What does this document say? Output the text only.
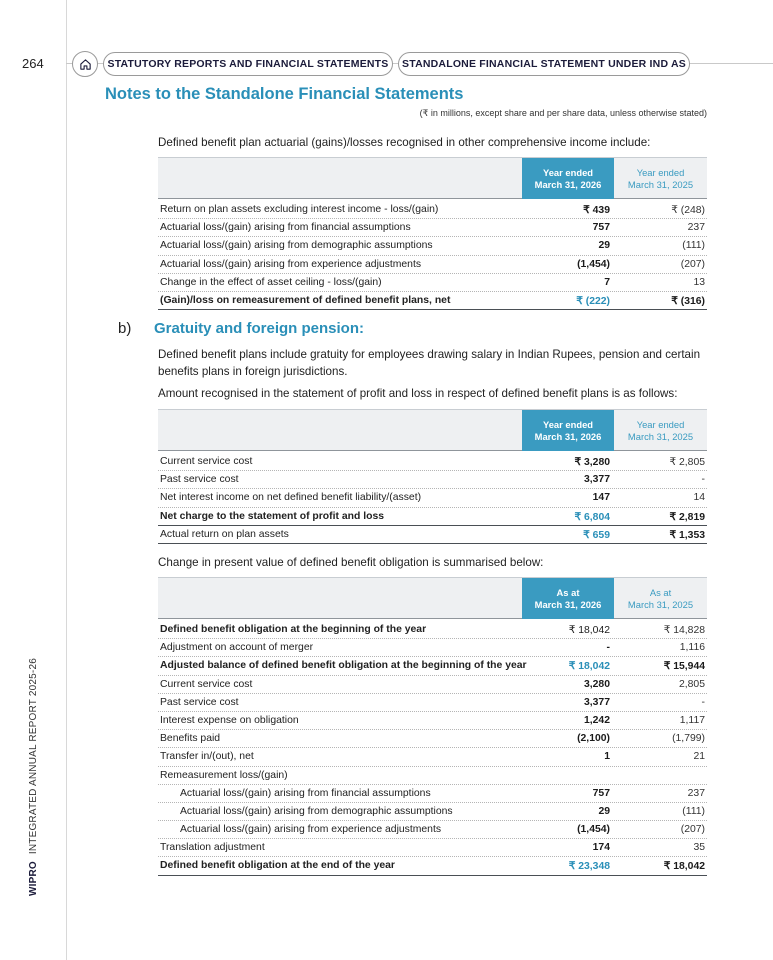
WIPRO INTEGRATED ANNUAL REPORT 2025-26
264	STATUTORY REPORTS AND FINANCIAL STATEMENTS	STANDALONE FINANCIAL STATEMENT UNDER IND AS
Notes to the Standalone Financial Statements
(₹ in millions, except share and per share data, unless otherwise stated)
Defined benefit plan actuarial (gains)/losses recognised in other comprehensive income include:
Year ended
March 31, 2026
Year ended
March 31, 2025
Return on plan assets excluding interest income - loss/(gain)	₹ 439	₹ (248)
Actuarial loss/(gain) arising from financial assumptions	757	237
Actuarial loss/(gain) arising from demographic assumptions	29	(111)
Actuarial loss/(gain) arising from experience adjustments	(1,454)	(207)
Change in the effect of asset ceiling - loss/(gain)	7	13
(Gain)/loss on remeasurement of defined benefit plans, net	₹ (222)	₹ (316)
b) Gratuity and foreign pension:
Defined benefit plans include gratuity for employees drawing salary in Indian Rupees, pension and certain
benefits plans in foreign jurisdictions.
Amount recognised in the statement of profit and loss in respect of defined benefit plans is as follows:
Year ended
March 31, 2026
Year ended
March 31, 2025
Current service cost	₹ 3,280	₹ 2,805
Past service cost	3,377	-
Net interest income on net defined benefit liability/(asset)	147	14
Net charge to the statement of profit and loss	₹ 6,804	₹ 2,819
Actual return on plan assets	₹ 659	₹ 1,353
Change in present value of defined benefit obligation is summarised below:
As at
March 31, 2026
As at
March 31, 2025
Defined benefit obligation at the beginning of the year	₹ 18,042	₹ 14,828
Adjustment on account of merger	-	1,116
Adjusted balance of defined benefit obligation at the beginning of the year	₹ 18,042	₹ 15,944
Current service cost	3,280	2,805
Past service cost	3,377	-
Interest expense on obligation	1,242	1,117
Benefits paid	(2,100)	(1,799)
Transfer in/(out), net	1	21
Remeasurement loss/(gain)
Actuarial loss/(gain) arising from financial assumptions	757	237
Actuarial loss/(gain) arising from demographic assumptions	29	(111)
Actuarial loss/(gain) arising from experience adjustments	(1,454)	(207)
Translation adjustment	174	35
Defined benefit obligation at the end of the year	₹ 23,348	₹ 18,042
